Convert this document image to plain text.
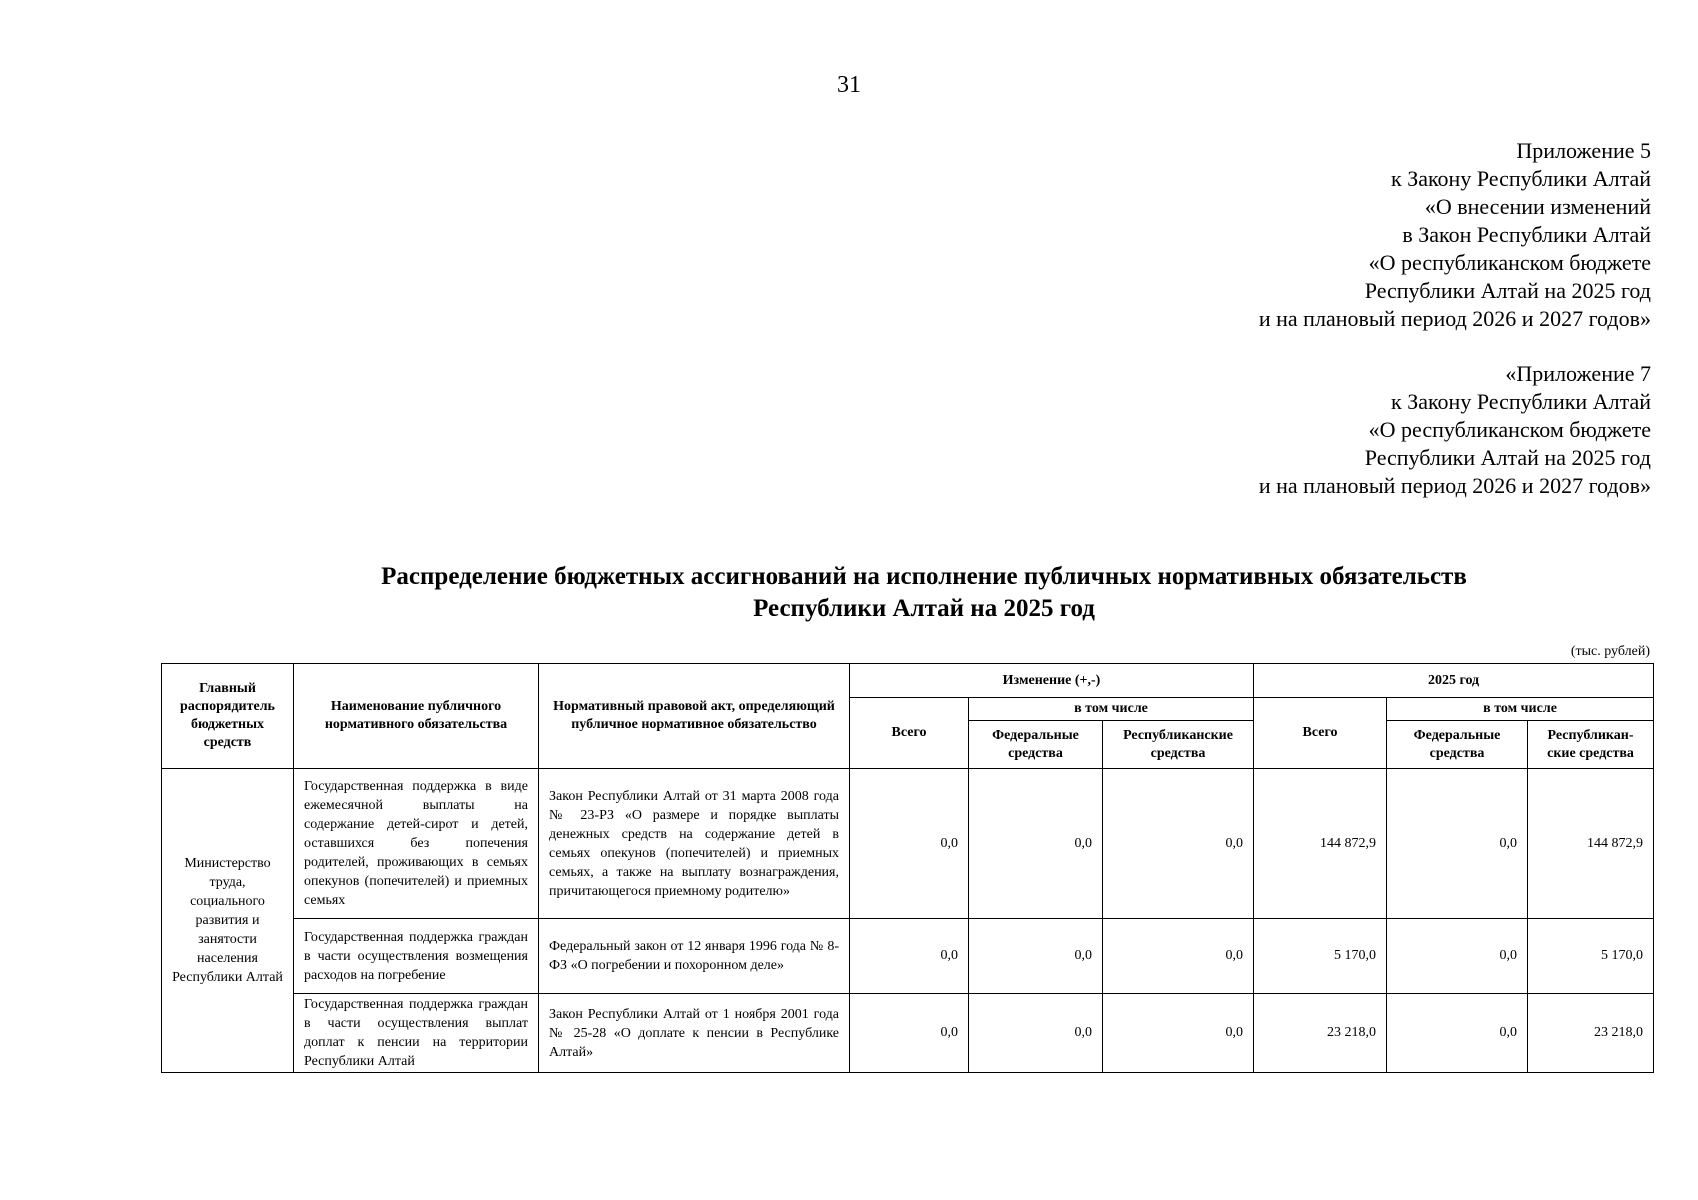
31
Приложение 5
к Закону Республики Алтай
«О внесении изменений
в Закон Республики Алтай
«О республиканском бюджете
Республики Алтай на 2025 год
и на плановый период 2026 и 2027 годов»
«Приложение 7
к Закону Республики Алтай
«О республиканском бюджете
Республики Алтай на 2025 год
и на плановый период 2026 и 2027 годов»
Распределение бюджетных ассигнований на исполнение публичных нормативных обязательств
Республики Алтай на 2025 год
(тыс. рублей)
Главный распорядитель бюджетных средств	Наименование публичного нормативного обязательства	Нормативный правовой акт, определяющий публичное нормативное обязательство	Изменение (+,-)			2025 год		
			Всего	в том числе		Всего	в том числе	
				Федеральные средства	Республиканские средства		Федеральные средства	Республикан-ские средства
Министерство труда, социального развития и занятости населения Республики Алтай	Государственная поддержка в виде ежемесячной выплаты на содержание детей-сирот и детей, оставшихся без попечения родителей, проживающих в семьях опекунов (попечителей) и приемных семьях	Закон Республики Алтай от 31 марта 2008 года № 23-РЗ «О размере и порядке выплаты денежных средств на содержание детей в семьях опекунов (попечителей) и приемных семьях, а также на выплату вознаграждения, причитающегося приемному родителю»	0,0	0,0	0,0	144 872,9	0,0	144 872,9
	Государственная поддержка граждан в части осуществления возмещения расходов на погребение	Федеральный закон от 12 января 1996 года № 8-ФЗ «О погребении и похоронном деле»	0,0	0,0	0,0	5 170,0	0,0	5 170,0
	Государственная поддержка граждан в части осуществления выплат доплат к пенсии на территории Республики Алтай	Закон Республики Алтай от 1 ноября 2001 года № 25-28 «О доплате к пенсии в Республике Алтай»	0,0	0,0	0,0	23 218,0	0,0	23 218,0
